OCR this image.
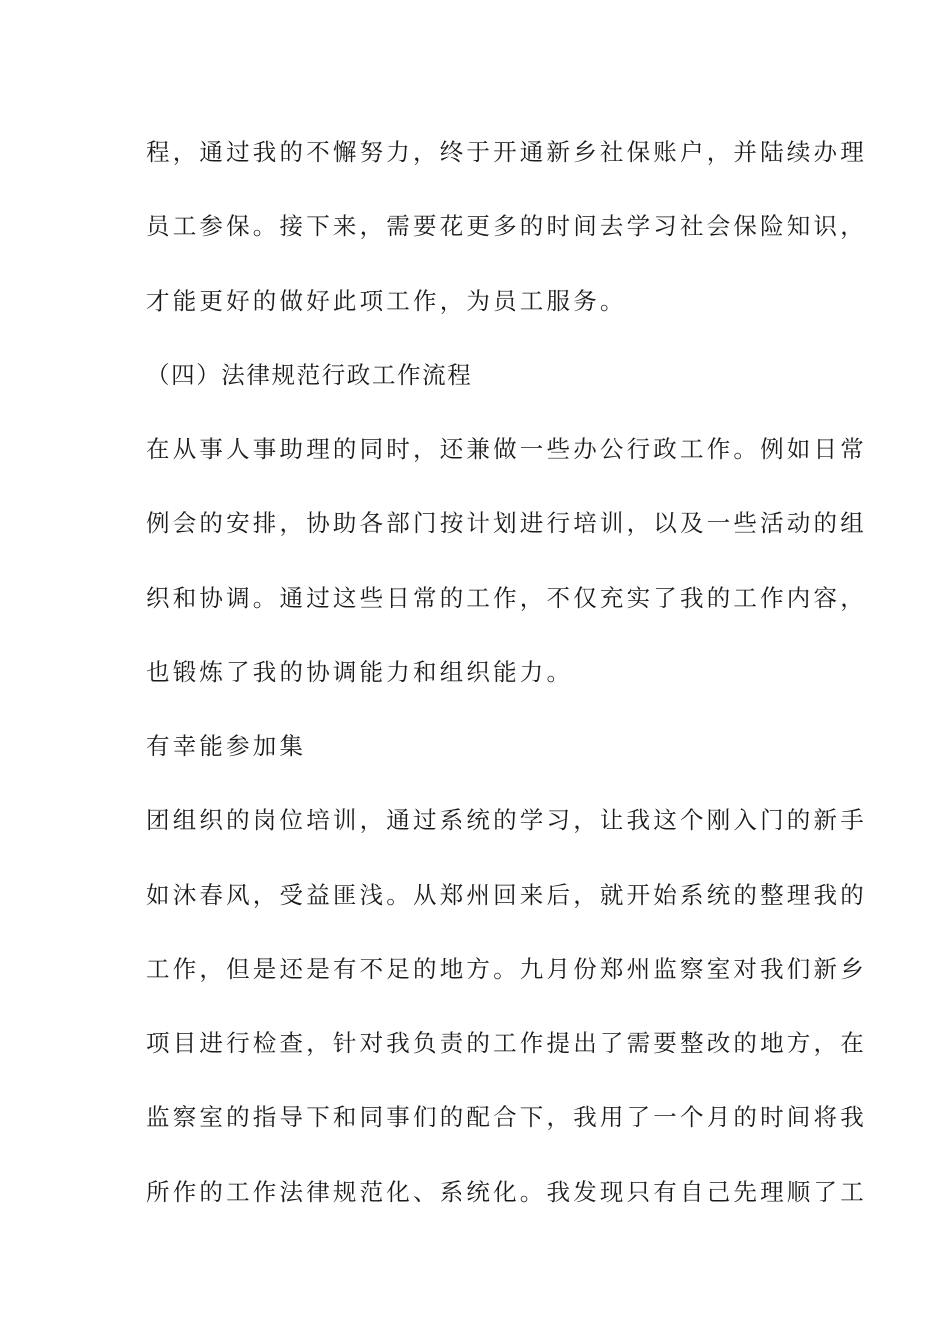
程，通过我的不懈努力，终于开通新乡社保账户，并陆续办理
员工参保。接下来，需要花更多的时间去学习社会保险知识，
才能更好的做好此项工作，为员工服务。
（四）法律规范行政工作流程
在从事人事助理的同时，还兼做一些办公行政工作。例如日常
例会的安排，协助各部门按计划进行培训，以及一些活动的组
织和协调。通过这些日常的工作，不仅充实了我的工作内容，
也锻炼了我的协调能力和组织能力。
有幸能参加集
团组织的岗位培训，通过系统的学习，让我这个刚入门的新手
如沐春风，受益匪浅。从郑州回来后，就开始系统的整理我的
工作，但是还是有不足的地方。九月份郑州监察室对我们新乡
项目进行检查，针对我负责的工作提出了需要整改的地方，在
监察室的指导下和同事们的配合下，我用了一个月的时间将我
所作的工作法律规范化、系统化。我发现只有自己先理顺了工
